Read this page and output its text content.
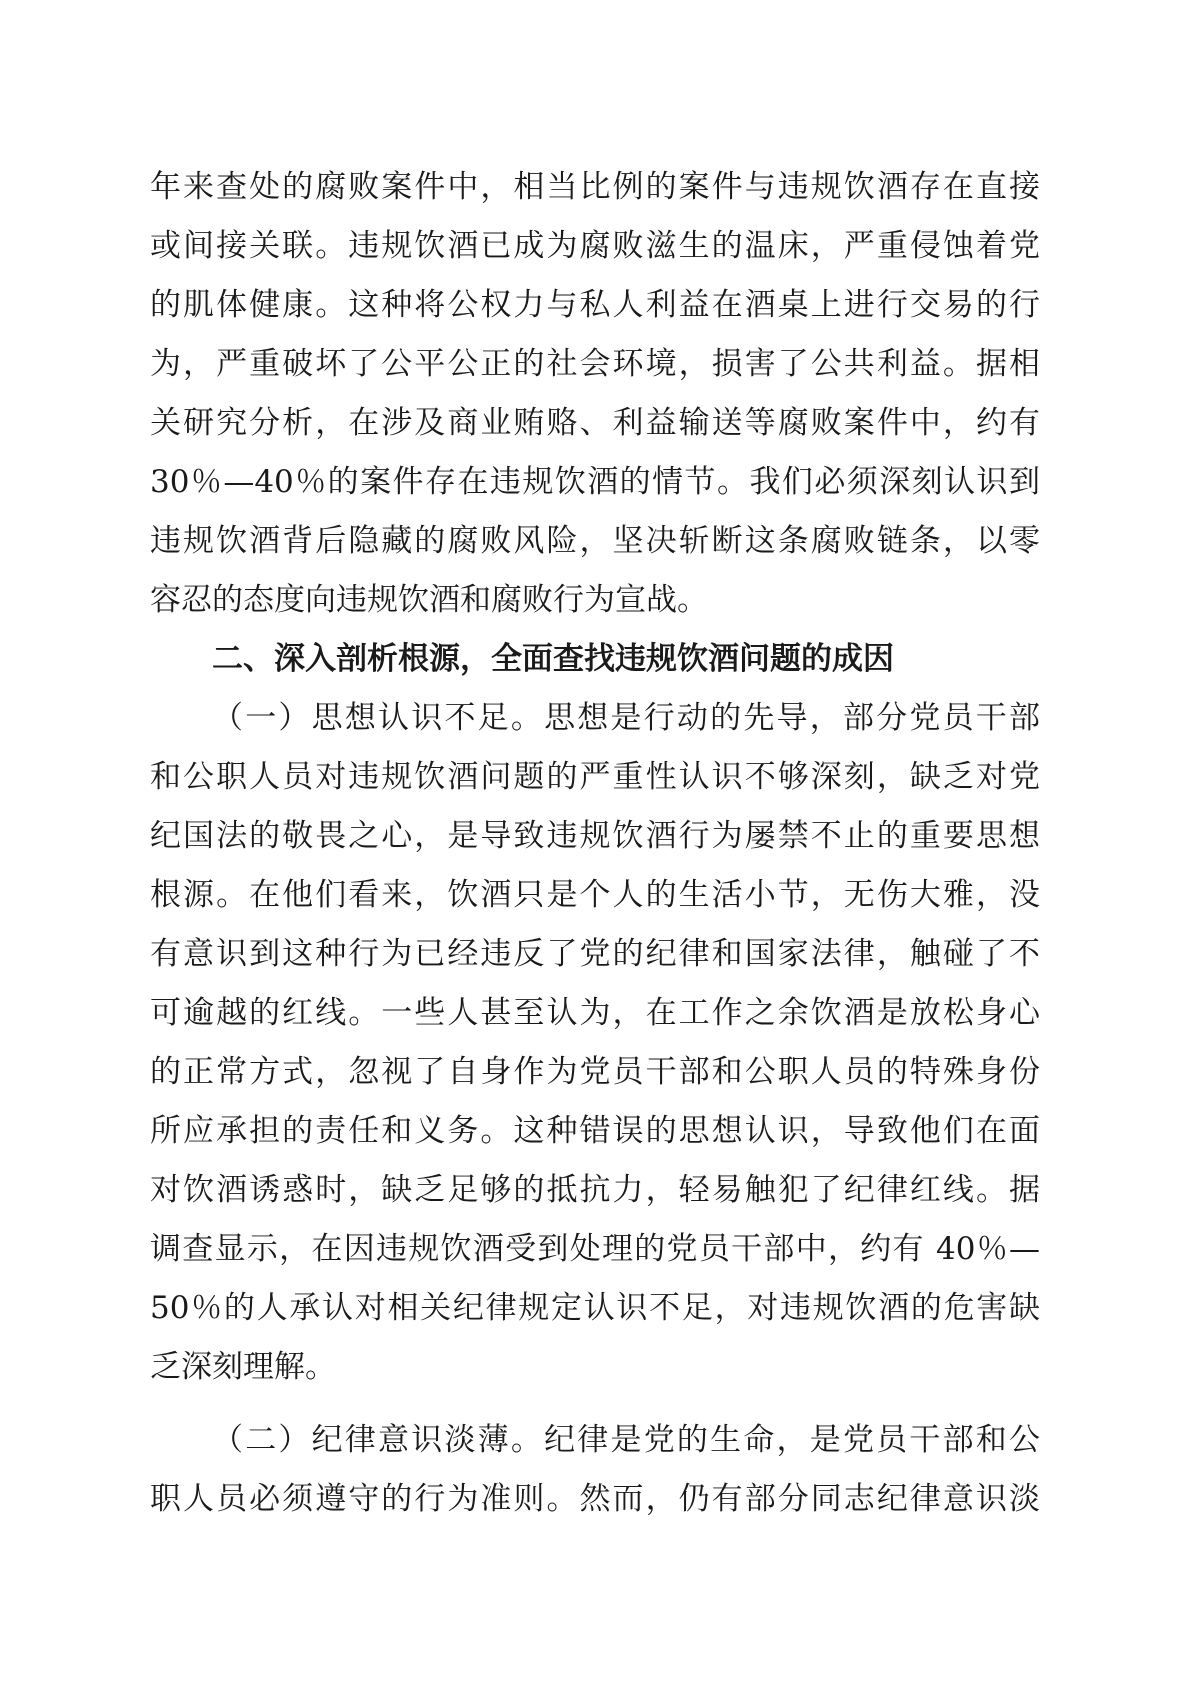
年来查处的腐败案件中，相当比例的案件与违规饮酒存在直接
或间接关联。违规饮酒已成为腐败滋生的温床，严重侵蚀着党
的肌体健康。这种将公权力与私人利益在酒桌上进行交易的行
为，严重破坏了公平公正的社会环境，损害了公共利益。据相
关研究分析，在涉及商业贿赂、利益输送等腐败案件中，约有
30％—40％的案件存在违规饮酒的情节。我们必须深刻认识到
违规饮酒背后隐藏的腐败风险，坚决斩断这条腐败链条，以零
容忍的态度向违规饮酒和腐败行为宣战。
二、深入剖析根源，全面查找违规饮酒问题的成因
（一）思想认识不足。思想是行动的先导，部分党员干部
和公职人员对违规饮酒问题的严重性认识不够深刻，缺乏对党
纪国法的敬畏之心，是导致违规饮酒行为屡禁不止的重要思想
根源。在他们看来，饮酒只是个人的生活小节，无伤大雅，没
有意识到这种行为已经违反了党的纪律和国家法律，触碰了不
可逾越的红线。一些人甚至认为，在工作之余饮酒是放松身心
的正常方式，忽视了自身作为党员干部和公职人员的特殊身份
所应承担的责任和义务。这种错误的思想认识，导致他们在面
对饮酒诱惑时，缺乏足够的抵抗力，轻易触犯了纪律红线。据
调查显示，在因违规饮酒受到处理的党员干部中，约有 40％—
50％的人承认对相关纪律规定认识不足，对违规饮酒的危害缺
乏深刻理解。
（二）纪律意识淡薄。纪律是党的生命，是党员干部和公
职人员必须遵守的行为准则。然而，仍有部分同志纪律意识淡
